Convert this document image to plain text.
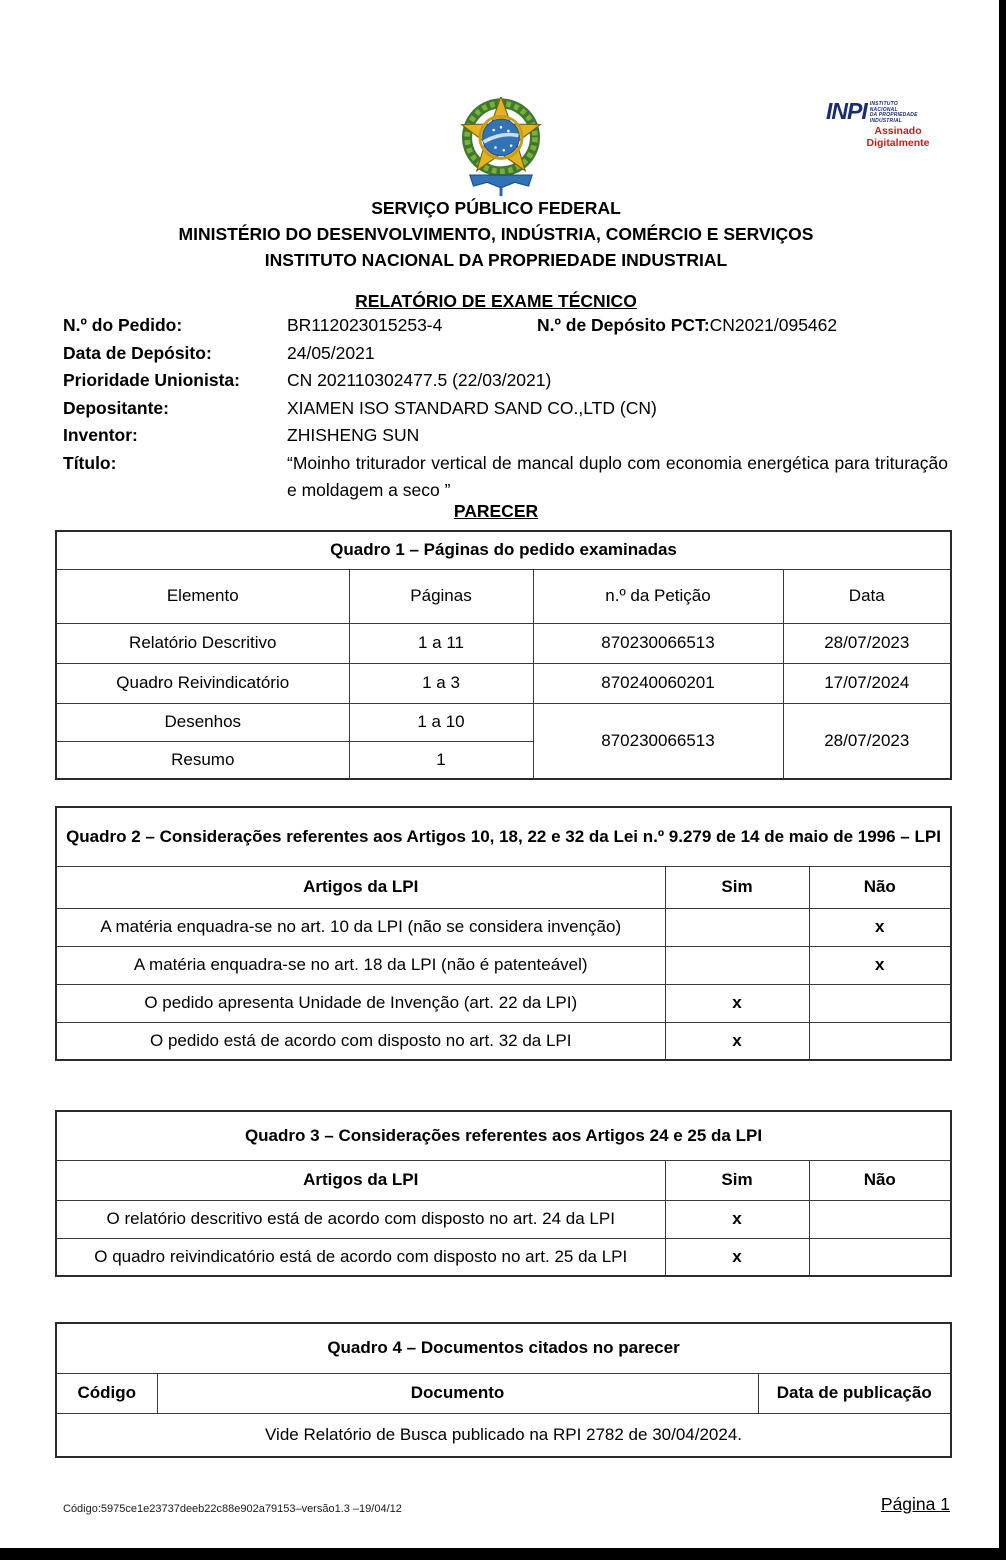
INPI INSTITUTO
NACIONAL
DA PROPRIEDADE
INDUSTRIAL
Assinado
Digitalmente
SERVIÇO PÚBLICO FEDERAL
MINISTÉRIO DO DESENVOLVIMENTO, INDÚSTRIA, COMÉRCIO E SERVIÇOS
INSTITUTO NACIONAL DA PROPRIEDADE INDUSTRIAL
RELATÓRIO DE EXAME TÉCNICO
N.º do Pedido:	BR112023015253-4	N.º de Depósito PCT: CN2021/095462
Data de Depósito:	24/05/2021
Prioridade Unionista:	CN 202110302477.5 (22/03/2021)
Depositante:	XIAMEN ISO STANDARD SAND CO.,LTD (CN)
Inventor:	ZHISHENG SUN
Título:	“Moinho triturador vertical de mancal duplo com economia energética para trituração e moldagem a seco ”
PARECER
Quadro 1 – Páginas do pedido examinadas			
Elemento	Páginas	n.º da Petição	Data
Relatório Descritivo	1 a 11	870230066513	28/07/2023
Quadro Reivindicatório	1 a 3	870240060201	17/07/2024
Desenhos	1 a 10	870230066513	28/07/2023
Resumo	1		
Quadro 2 – Considerações referentes aos Artigos 10, 18, 22 e 32 da Lei n.º 9.279 de 14 de maio de 1996 – LPI		
Artigos da LPI	Sim	Não
A matéria enquadra-se no art. 10 da LPI (não se considera invenção)		x
A matéria enquadra-se no art. 18 da LPI (não é patenteável)		x
O pedido apresenta Unidade de Invenção (art. 22 da LPI)	x	
O pedido está de acordo com disposto no art. 32 da LPI	x	
Quadro 3 – Considerações referentes aos Artigos 24 e 25 da LPI		
Artigos da LPI	Sim	Não
O relatório descritivo está de acordo com disposto no art. 24 da LPI	x	
O quadro reivindicatório está de acordo com disposto no art. 25 da LPI	x	
Quadro 4 – Documentos citados no parecer
Código	Documento	Data de publicação
Vide Relatório de Busca publicado na RPI 2782 de 30/04/2024.
Código:5975ce1e23737deeb22c88e902a79153–versão1.3 –19/04/12	Página 1
